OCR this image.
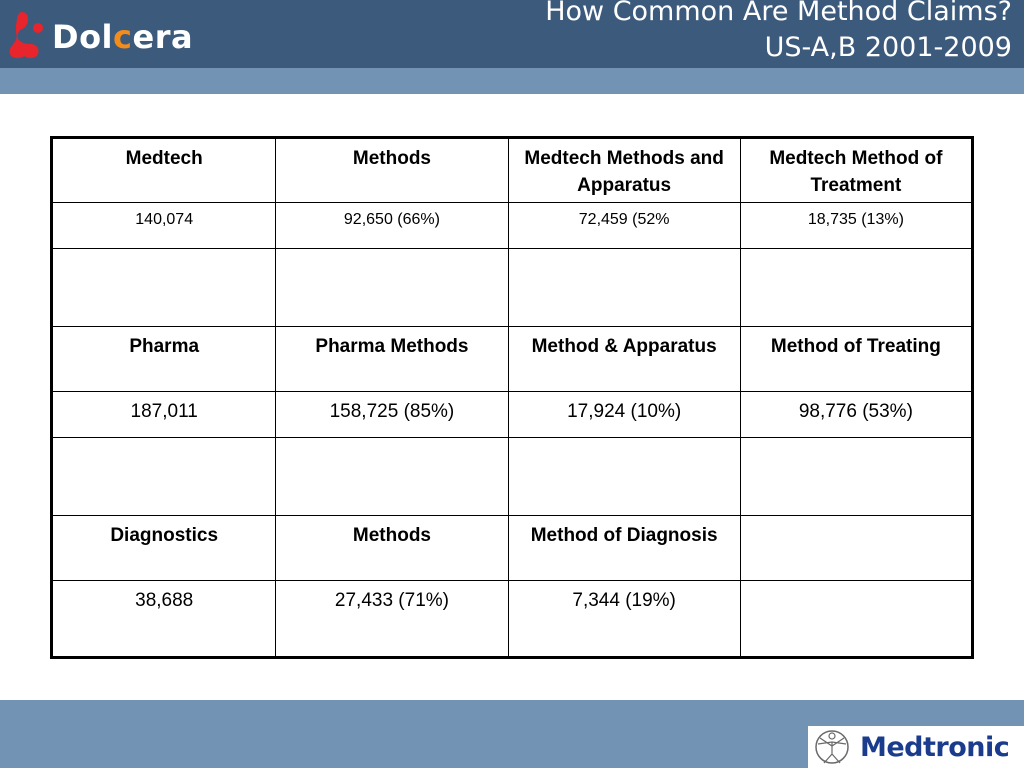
Dolcera
How Common Are Method Claims?
US-A,B 2001-2009
Medtech	Methods	Medtech Methods and Apparatus	Medtech Method of Treatment
140,074	92,650 (66%)	72,459 (52%	18,735 (13%)

Pharma	Pharma Methods	Method & Apparatus	Method of Treating
187,011	158,725 (85%)	17,924 (10%)	98,776 (53%)

Diagnostics	Methods	Method of Diagnosis	
38,688	27,433 (71%)	7,344 (19%)	
Medtronic
